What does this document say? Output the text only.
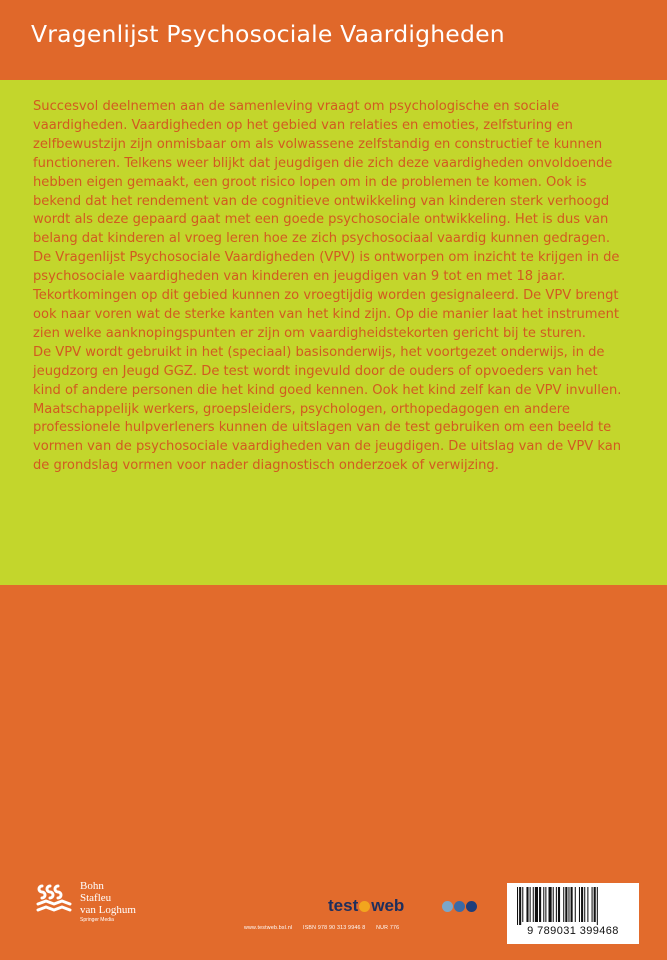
Vragenlijst Psychosociale Vaardigheden

Succesvol deelnemen aan de samenleving vraagt om psychologische en sociale vaardigheden. Vaardigheden op het gebied van relaties en emoties, zelfsturing en zelfbewustzijn zijn onmisbaar om als volwassene zelfstandig en constructief te kunnen functioneren. Telkens weer blijkt dat jeugdigen die zich deze vaardigheden onvoldoende hebben eigen gemaakt, een groot risico lopen om in de problemen te komen. Ook is bekend dat het rendement van de cognitieve ontwikkeling van kinderen sterk verhoogd wordt als deze gepaard gaat met een goede psychosociale ontwikkeling. Het is dus van belang dat kinderen al vroeg leren hoe ze zich psychosociaal vaardig kunnen gedragen.

De Vragenlijst Psychosociale Vaardigheden (VPV) is ontworpen om inzicht te krijgen in de psychosociale vaardigheden van kinderen en jeugdigen van 9 tot en met 18 jaar. Tekortkomingen op dit gebied kunnen zo vroegtijdig worden gesignaleerd. De VPV brengt ook naar voren wat de sterke kanten van het kind zijn. Op die manier laat het instrument zien welke aanknopingspunten er zijn om vaardigheidstekorten gericht bij te sturen.

De VPV wordt gebruikt in het (speciaal) basisonderwijs, het voortgezet onderwijs, in de jeugdzorg en Jeugd GGZ. De test wordt ingevuld door de ouders of opvoeders van het kind of andere personen die het kind goed kennen. Ook het kind zelf kan de VPV invullen. Maatschappelijk werkers, groepsleiders, psychologen, orthopedagogen en andere professionele hulpverleners kunnen de uitslagen van de test gebruiken om een beeld te vormen van de psychosociale vaardigheden van de jeugdigen. De uitslag van de VPV kan de grondslag vormen voor nader diagnostisch onderzoek of verwijzing.

Bohn
Stafleu
van Loghum
Springer Media
test web
www.testweb.bsl.nl ISBN 978 90 313 9946 8 NUR 776	9 789031 399468
